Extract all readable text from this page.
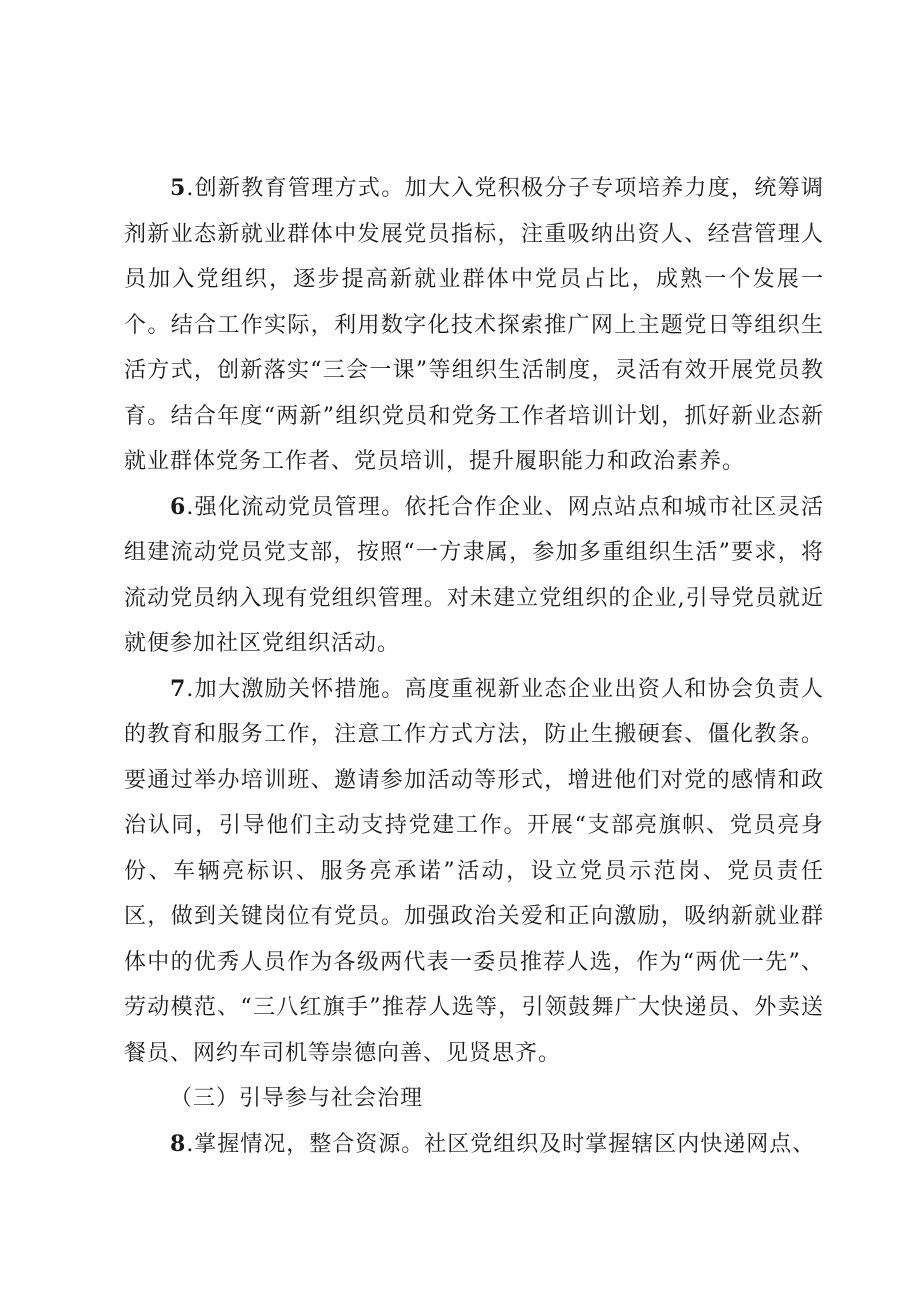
5.创新教育管理方式。加大入党积极分子专项培养力度，统筹调剂新业态新就业群体中发展党员指标，注重吸纳出资人、经营管理人员加入党组织，逐步提高新就业群体中党员占比，成熟一个发展一个。结合工作实际，利用数字化技术探索推广网上主题党日等组织生活方式，创新落实“三会一课”等组织生活制度，灵活有效开展党员教育。结合年度“两新”组织党员和党务工作者培训计划，抓好新业态新就业群体党务工作者、党员培训，提升履职能力和政治素养。

6.强化流动党员管理。依托合作企业、网点站点和城市社区灵活组建流动党员党支部，按照“一方隶属，参加多重组织生活”要求，将流动党员纳入现有党组织管理。对未建立党组织的企业,引导党员就近就便参加社区党组织活动。

7.加大激励关怀措施。高度重视新业态企业出资人和协会负责人的教育和服务工作，注意工作方式方法，防止生搬硬套、僵化教条。要通过举办培训班、邀请参加活动等形式，增进他们对党的感情和政治认同，引导他们主动支持党建工作。开展“支部亮旗帜、党员亮身份、车辆亮标识、服务亮承诺”活动，设立党员示范岗、党员责任区，做到关键岗位有党员。加强政治关爱和正向激励，吸纳新就业群体中的优秀人员作为各级两代表一委员推荐人选，作为“两优一先”、劳动模范、“三八红旗手”推荐人选等，引领鼓舞广大快递员、外卖送餐员、网约车司机等崇德向善、见贤思齐。

（三）引导参与社会治理

8.掌握情况，整合资源。社区党组织及时掌握辖区内快递网点、
